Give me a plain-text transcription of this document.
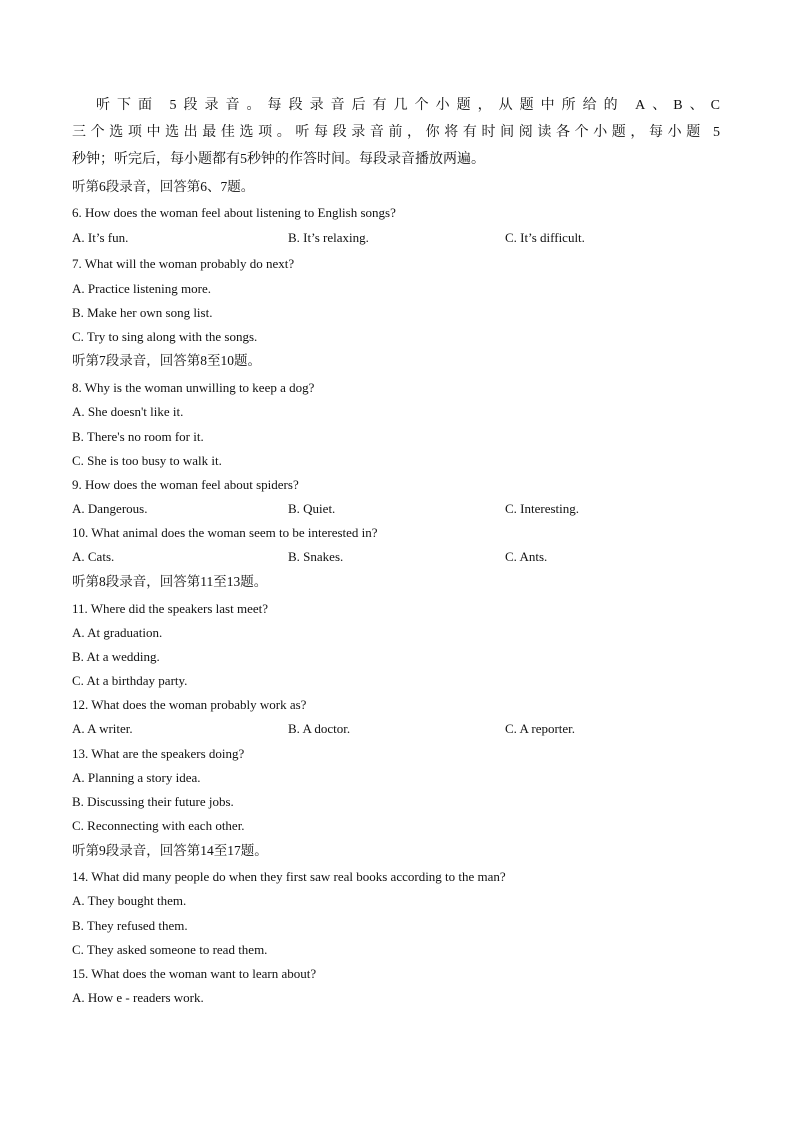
听下面 5段录音。每段录音后有几个小题，从题中所给的 A、B、C
三个选项中选出最佳选项。听每段录音前，你将有时间阅读各个小题，每小题 5
秒钟；听完后，每小题都有5秒钟的作答时间。每段录音播放两遍。
听第6段录音，回答第6、7题。
6. How does the woman feel about listening to English songs?
A. It’s fun.	B. It’s relaxing.	C. It’s difficult.
7. What will the woman probably do next?
A. Practice listening more.
B. Make her own song list.
C. Try to sing along with the songs.
听第7段录音，回答第8至10题。
8. Why is the woman unwilling to keep a dog?
A. She doesn't like it.
B. There's no room for it.
C. She is too busy to walk it.
9. How does the woman feel about spiders?
A. Dangerous.	B. Quiet.	C. Interesting.
10. What animal does the woman seem to be interested in?
A. Cats.	B. Snakes.	C. Ants.
听第8段录音，回答第11至13题。
11. Where did the speakers last meet?
A. At graduation.
B. At a wedding.
C. At a birthday party.
12. What does the woman probably work as?
A. A writer.	B. A doctor.	C. A reporter.
13. What are the speakers doing?
A. Planning a story idea.
B. Discussing their future jobs.
C. Reconnecting with each other.
听第9段录音，回答第14至17题。
14. What did many people do when they first saw real books according to the man?
A. They bought them.
B. They refused them.
C. They asked someone to read them.
15. What does the woman want to learn about?
A. How e - readers work.
